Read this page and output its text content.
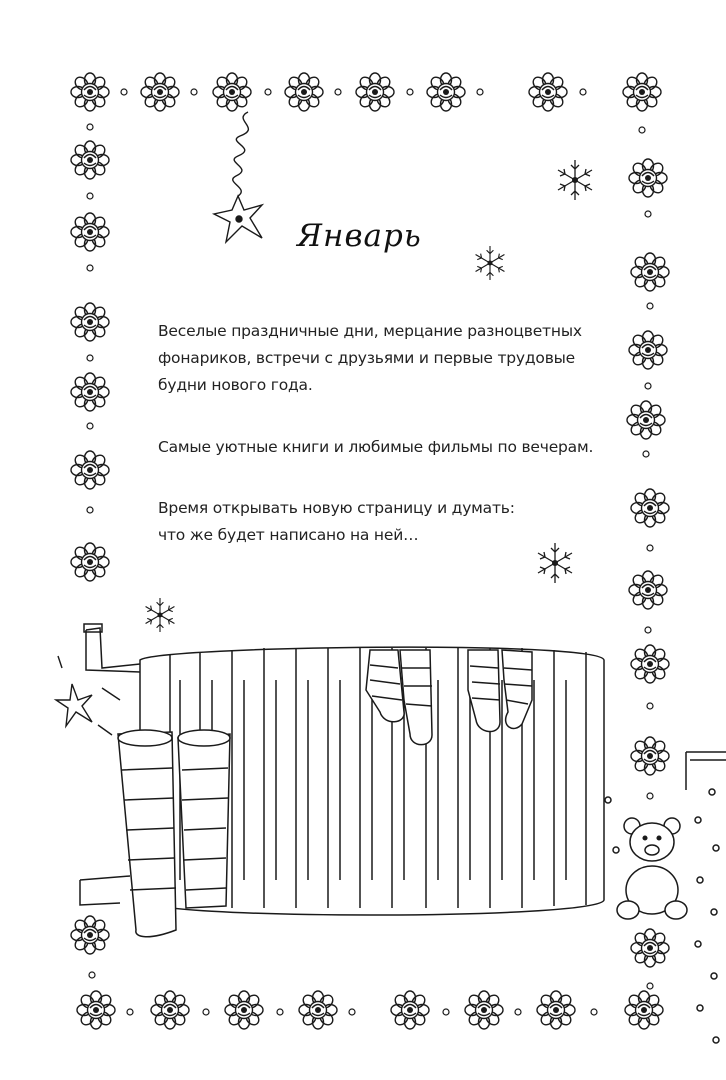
Январь

Веселые праздничные дни, мерцание разноцветных
фонариков, встречи с друзьями и первые трудовые
будни нового года.

Самые уютные книги и любимые фильмы по вечерам.

Время открывать новую страницу и думать:
что же будет написано на ней…
